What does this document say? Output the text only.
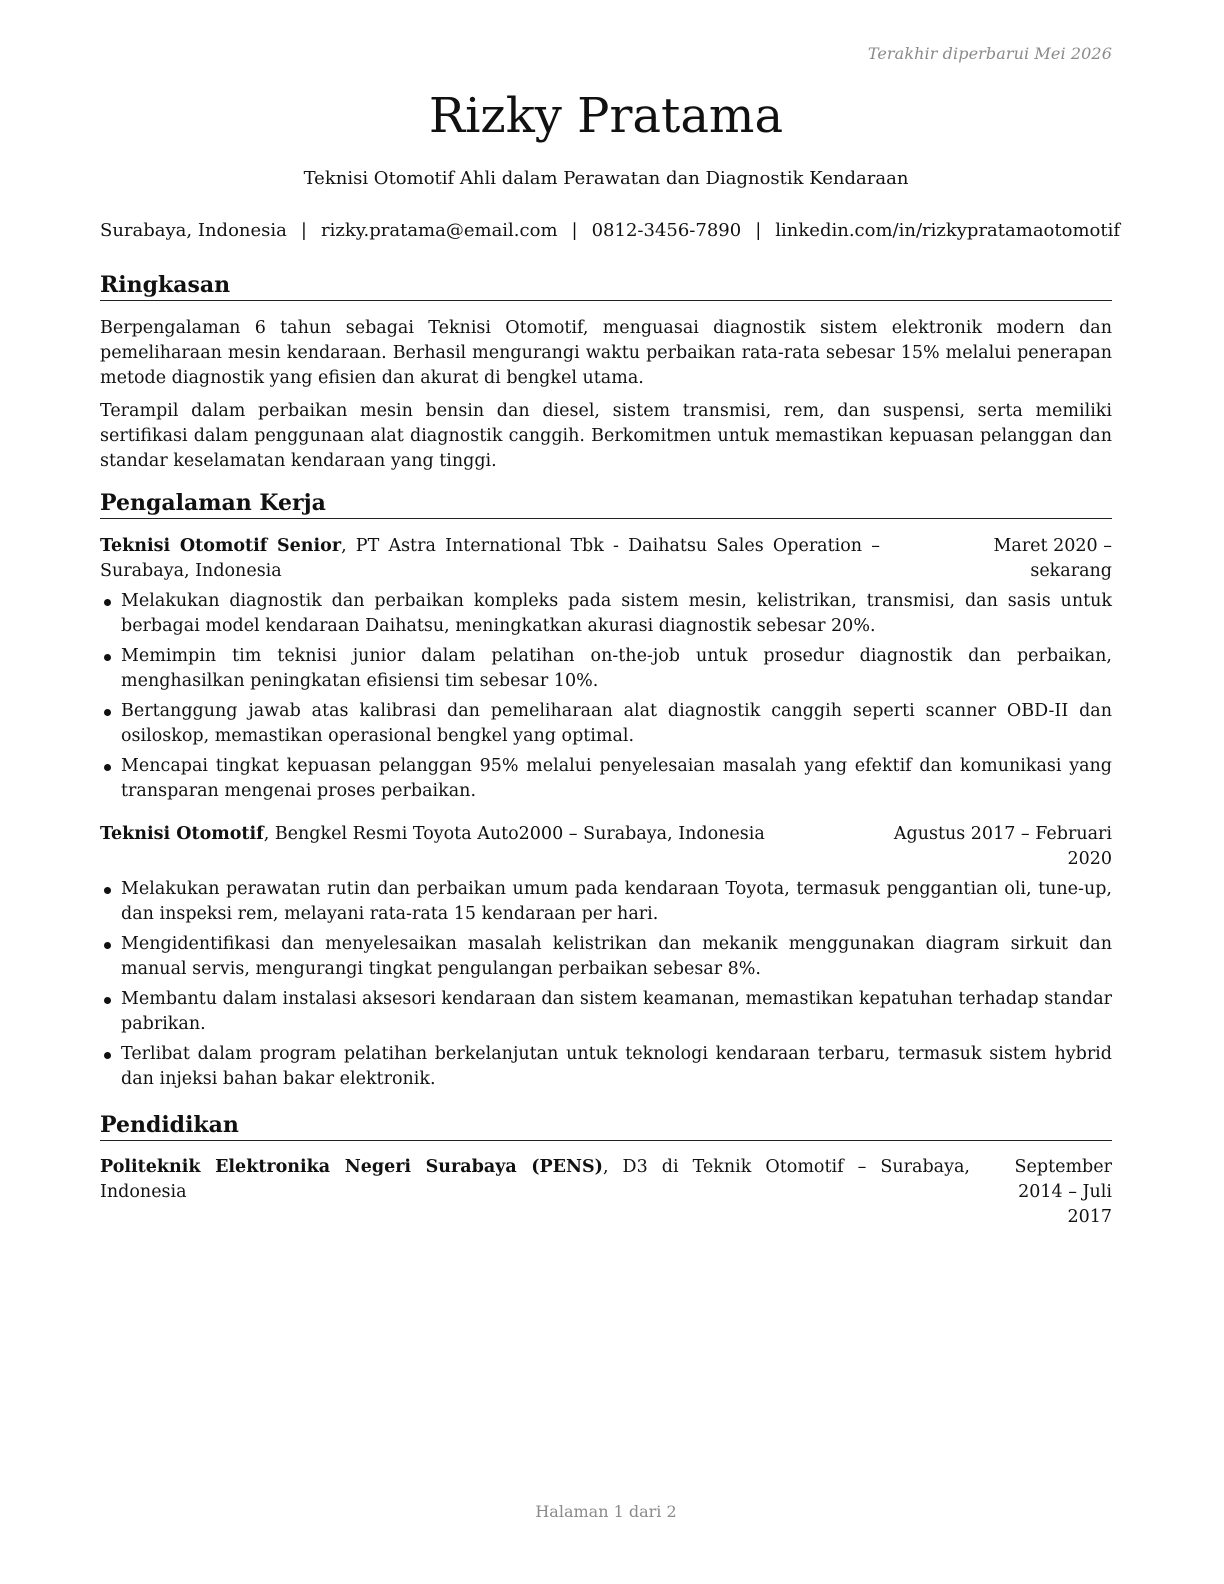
Terakhir diperbarui Mei 2026
Rizky Pratama
Teknisi Otomotif Ahli dalam Perawatan dan Diagnostik Kendaraan
Surabaya, Indonesia | rizky.pratama@email.com | 0812-3456-7890 | linkedin.com/in/rizkypratamaotomotif
Ringkasan

Berpengalaman 6 tahun sebagai Teknisi Otomotif, menguasai diagnostik sistem elektronik modern dan pemeliharaan mesin kendaraan. Berhasil mengurangi waktu perbaikan rata-rata sebesar 15% melalui penerapan metode diagnostik yang efisien dan akurat di bengkel utama.

Terampil dalam perbaikan mesin bensin dan diesel, sistem transmisi, rem, dan suspensi, serta memiliki sertifikasi dalam penggunaan alat diagnostik canggih. Berkomitmen untuk memastikan kepuasan pelanggan dan standar keselamatan kendaraan yang tinggi.

Pengalaman Kerja
Teknisi Otomotif Senior, PT Astra International Tbk - Daihatsu Sales Operation – Surabaya, Indonesia
Maret 2020 – sekarang
Melakukan diagnostik dan perbaikan kompleks pada sistem mesin, kelistrikan, transmisi, dan sasis untuk berbagai model kendaraan Daihatsu, meningkatkan akurasi diagnostik sebesar 20%.
Memimpin tim teknisi junior dalam pelatihan on-the-job untuk prosedur diagnostik dan perbaikan, menghasilkan peningkatan efisiensi tim sebesar 10%.
Bertanggung jawab atas kalibrasi dan pemeliharaan alat diagnostik canggih seperti scanner OBD-II dan osiloskop, memastikan operasional bengkel yang optimal.
Mencapai tingkat kepuasan pelanggan 95% melalui penyelesaian masalah yang efektif dan komunikasi yang transparan mengenai proses perbaikan.
Teknisi Otomotif, Bengkel Resmi Toyota Auto2000 – Surabaya, Indonesia	Agustus 2017 – Februari 2020
Melakukan perawatan rutin dan perbaikan umum pada kendaraan Toyota, termasuk penggantian oli, tune-up, dan inspeksi rem, melayani rata-rata 15 kendaraan per hari.
Mengidentifikasi dan menyelesaikan masalah kelistrikan dan mekanik menggunakan diagram sirkuit dan manual servis, mengurangi tingkat pengulangan perbaikan sebesar 8%.
Membantu dalam instalasi aksesori kendaraan dan sistem keamanan, memastikan kepatuhan terhadap standar pabrikan.
Terlibat dalam program pelatihan berkelanjutan untuk teknologi kendaraan terbaru, termasuk sistem hybrid dan injeksi bahan bakar elektronik.
Pendidikan
Politeknik Elektronika Negeri Surabaya (PENS), D3 di Teknik Otomotif – Surabaya, Indonesia
September 2014 – Juli 2017
Halaman 1 dari 2
